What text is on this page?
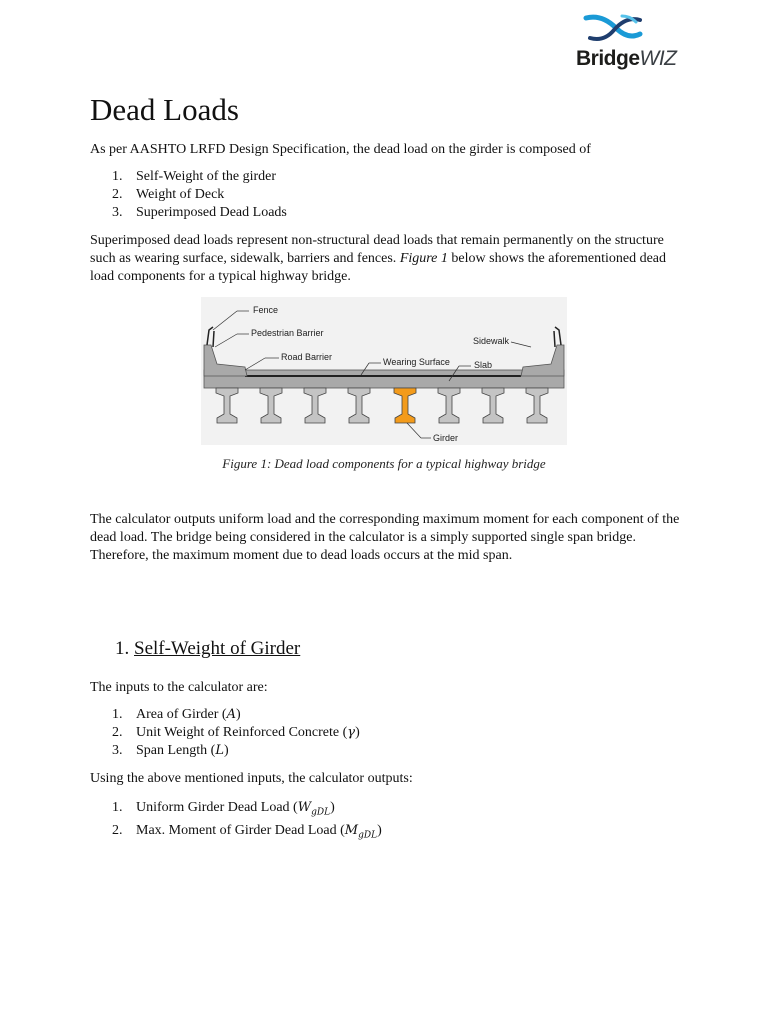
BridgeWIZ
Dead Loads

As per AASHTO LRFD Design Specification, the dead load on the girder is composed of

1. Self-Weight of the girder
2. Weight of Deck
3. Superimposed Dead Loads
Superimposed dead loads represent non-structural dead loads that remain permanently on the structure
such as wearing surface, sidewalk, barriers and fences. Figure 1 below shows the aforementioned dead
load components for a typical highway bridge.
Fence
Pedestrian Barrier
Road Barrier	Wearing Surface
Sidewalk
Slab
Girder

Figure 1: Dead load components for a typical highway bridge

The calculator outputs uniform load and the corresponding maximum moment for each component of the
dead load. The bridge being considered in the calculator is a simply supported single span bridge.
Therefore, the maximum moment due to dead loads occurs at the mid span.
1. Self-Weight of Girder

The inputs to the calculator are:

1. Area of Girder (A)
2. Unit Weight of Reinforced Concrete (γ)
3. Span Length (L)

Using the above mentioned inputs, the calculator outputs:

1. Uniform Girder Dead Load $(W_{gDL})$
2. Max. Moment of Girder Dead Load $(M_{gDL})$
